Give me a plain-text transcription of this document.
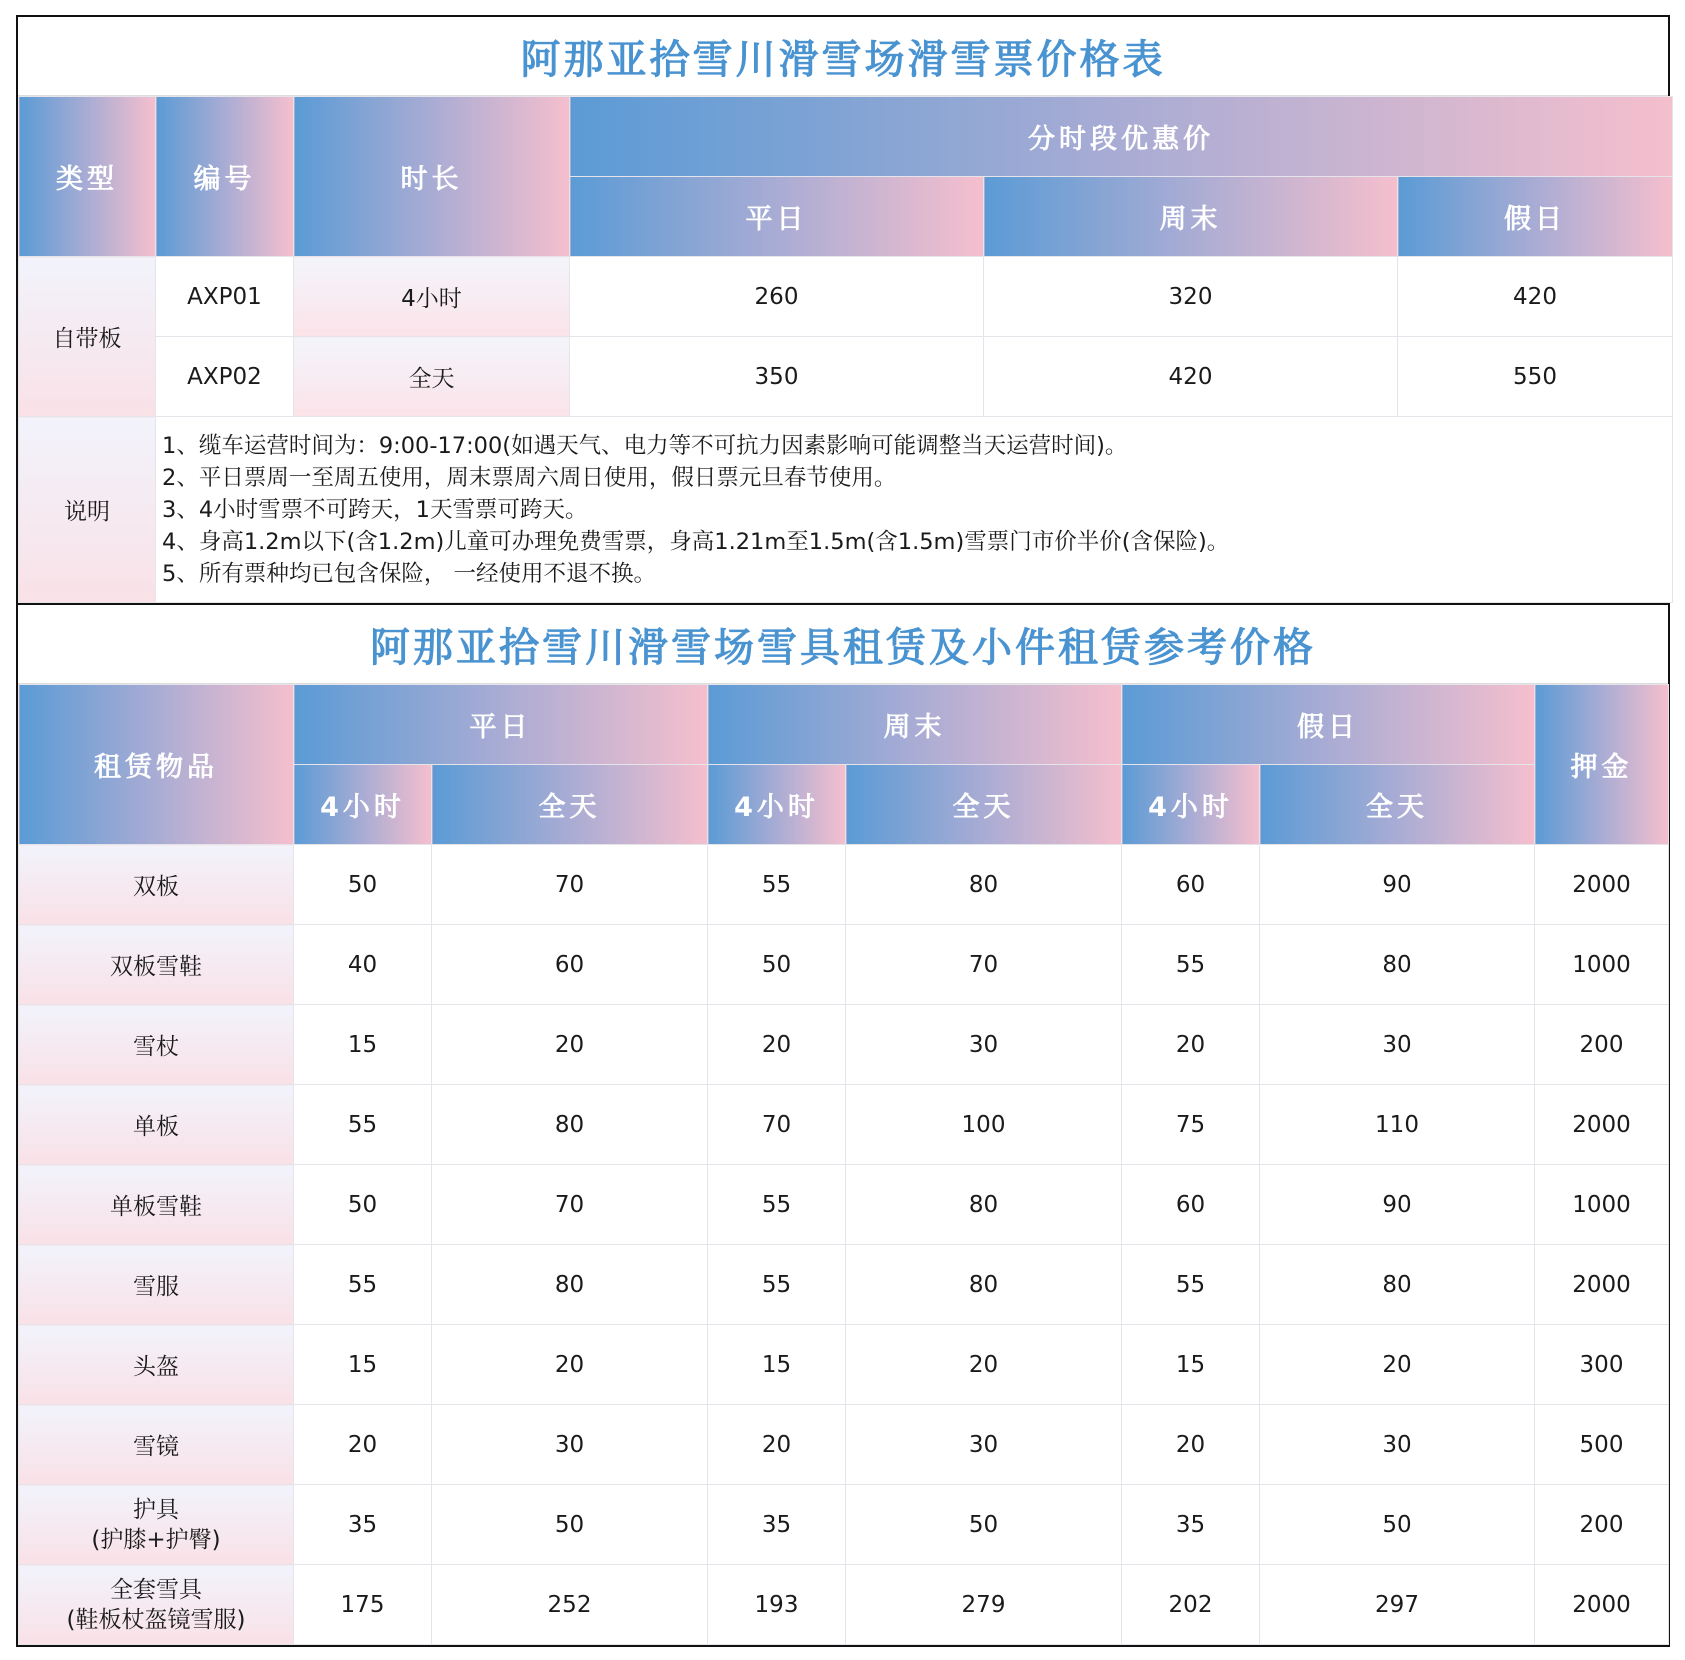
阿那亚拾雪川滑雪场滑雪票价格表
类型	编号	时长	分时段优惠价		
			平日	周末	假日
自带板	AXP01	4小时	260	320	420
	AXP02	全天	350	420	550
说明	1、缆车运营时间为：9:00-17:00(如遇天气、电力等不可抗力因素影响可能调整当天运营时间)。
2、平日票周一至周五使用，周末票周六周日使用，假日票元旦春节使用。
3、4小时雪票不可跨天，1天雪票可跨天。
4、身高1.2m以下(含1.2m)儿童可办理免费雪票，身高1.21m至1.5m(含1.5m)雪票门市价半价(含保险)。
5、所有票种均已包含保险， 一经使用不退不换。				
阿那亚拾雪川滑雪场雪具租赁及小件租赁参考价格
租赁物品	平日		周末		假日		押金
	4小时	全天	4小时	全天	4小时	全天	

双板	50	70	55	80	60	90	2000

双板雪鞋	40	60	50	70	55	80	1000

雪杖	15	20	20	30	20	30	200

单板	55	80	70	100	75	110	2000

单板雪鞋	50	70	55	80	60	90	1000

雪服	55	80	55	80	55	80	2000

头盔	15	20	15	20	15	20	300

雪镜	20	30	20	30	20	30	500

护具
(护膝+护臀)	35	50	35	50	35	50	200

全套雪具
(鞋板杖盔镜雪服)	175	252	193	279	202	297	2000
